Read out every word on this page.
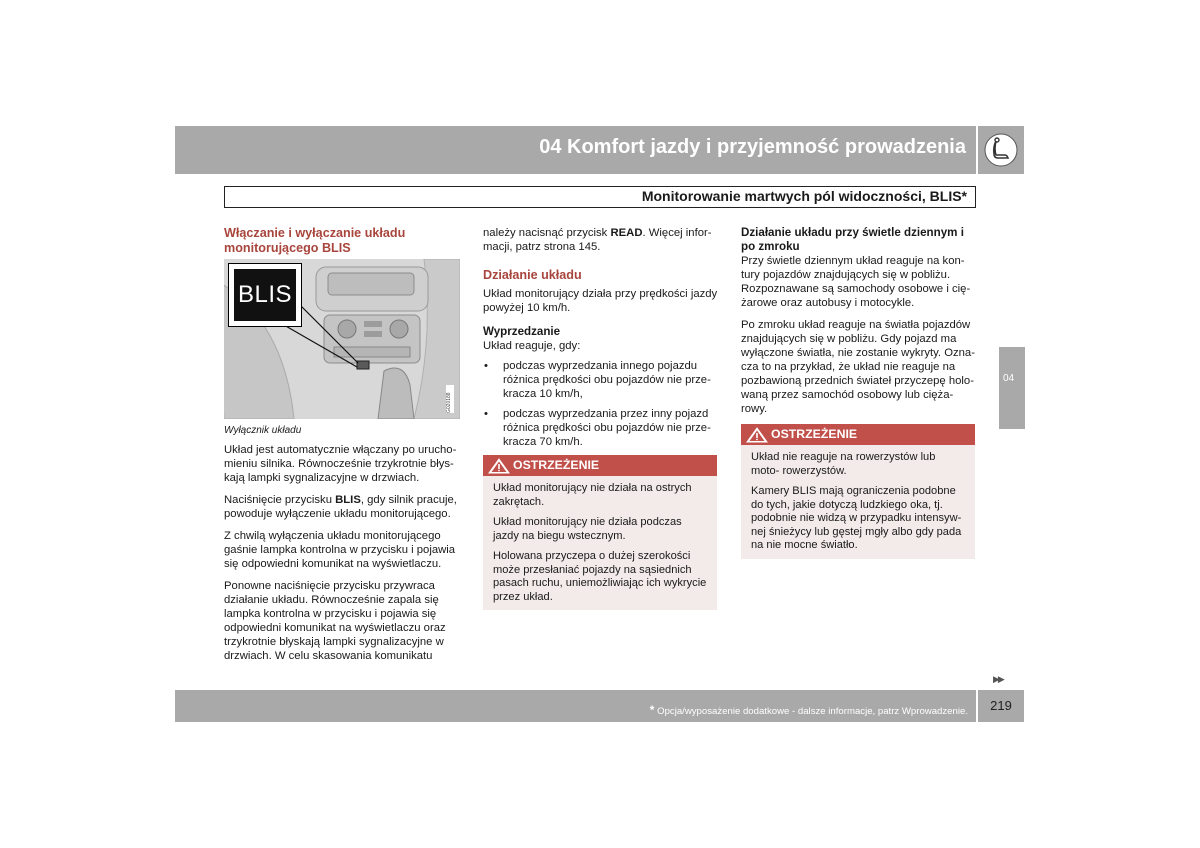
04 Komfort jazdy i przyjemność prowadzenia
Monitorowanie martwych pól widoczności, BLIS*
Włączanie i wyłączanie układu monitorującego BLIS
BLIS
G020188
Wyłącznik układu

Układ jest automatycznie włączany po urucho- mieniu silnika. Równocześnie trzykrotnie błys- kają lampki sygnalizacyjne w drzwiach.

Naciśnięcie przycisku BLIS, gdy silnik pracuje, powoduje wyłączenie układu monitorującego.

Z chwilą wyłączenia układu monitorującego gaśnie lampka kontrolna w przycisku i pojawia się odpowiedni komunikat na wyświetlaczu.

Ponowne naciśnięcie przycisku przywraca działanie układu. Równocześnie zapala się lampka kontrolna w przycisku i pojawia się odpowiedni komunikat na wyświetlaczu oraz trzykrotnie błyskają lampki sygnalizacyjne w drzwiach. W celu skasowania komunikatu

należy nacisnąć przycisk READ. Więcej infor- macji, patrz strona 145.

Działanie układu

Układ monitorujący działa przy prędkości jazdy powyżej 10 km/h.

Wyprzedzanie

Układ reaguje, gdy:

• podczas wyprzedzania innego pojazdu różnica prędkości obu pojazdów nie prze- kracza 10 km/h,
• podczas wyprzedzania przez inny pojazd różnica prędkości obu pojazdów nie prze- kracza 70 km/h.
OSTRZEŻENIE

Układ monitorujący nie działa na ostrych zakrętach.

Układ monitorujący nie działa podczas jazdy na biegu wstecznym.

Holowana przyczepa o dużej szerokości może przesłaniać pojazdy na sąsiednich pasach ruchu, uniemożliwiając ich wykrycie przez układ.

Działanie układu przy świetle dziennym i po zmroku

Przy świetle dziennym układ reaguje na kon- tury pojazdów znajdujących się w pobliżu. Rozpoznawane są samochody osobowe i cię- żarowe oraz autobusy i motocykle.

Po zmroku układ reaguje na światła pojazdów znajdujących się w pobliżu. Gdy pojazd ma wyłączone światła, nie zostanie wykryty. Ozna- cza to na przykład, że układ nie reaguje na pozbawioną przednich świateł przyczepę holo- waną przez samochód osobowy lub cięża- rowy.

OSTRZEŻENIE

Układ nie reaguje na rowerzystów lub moto- rowerzystów.

Kamery BLIS mają ograniczenia podobne do tych, jakie dotyczą ludzkiego oka, tj. podobnie nie widzą w przypadku intensyw- nej śnieżycy lub gęstej mgły albo gdy pada na nie mocne światło.

04
▶▶
* Opcja/wyposażenie dodatkowe - dalsze informacje, patrz Wprowadzenie.	219
